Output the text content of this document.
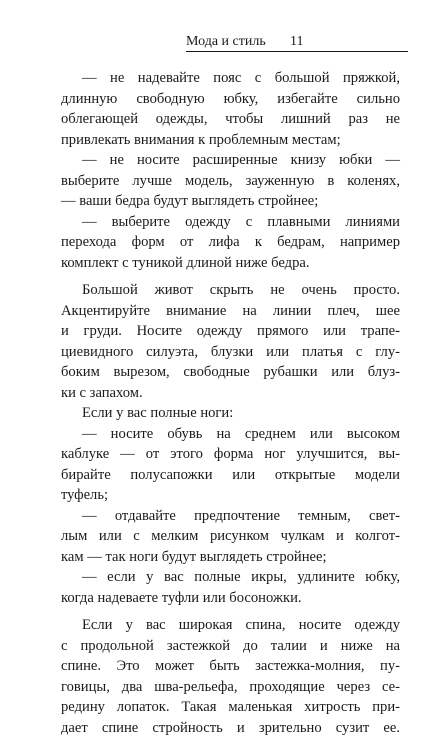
Мода и стиль 11
— не надевайте пояс с большой пряжкой,
длинную свободную юбку, избегайте сильно
облегающей одежды, чтобы лишний раз не
привлекать внимания к проблемным местам;
— не носите расширенные книзу юбки —
выберите лучше модель, зауженную в коленях,
— ваши бедра будут выглядеть стройнее;
— выберите одежду с плавными линиями
перехода форм от лифа к бедрам, например
комплект с туникой длиной ниже бедра.
Большой живот скрыть не очень просто.
Акцентируйте внимание на линии плеч, шее
и груди. Носите одежду прямого или трапе-
циевидного силуэта, блузки или платья с глу-
боким вырезом, свободные рубашки или блуз-
ки с запахом.
Если у вас полные ноги:
— носите обувь на среднем или высоком
каблуке — от этого форма ног улучшится, вы-
бирайте полусапожки или открытые модели
туфель;
— отдавайте предпочтение темным, свет-
лым или с мелким рисунком чулкам и колгот-
кам — так ноги будут выглядеть стройнее;
— если у вас полные икры, удлините юбку,
когда надеваете туфли или босоножки.
Если у вас широкая спина, носите одежду
с продольной застежкой до талии и ниже на
спине. Это может быть застежка-молния, пу-
говицы, два шва-рельефа, проходящие через се-
редину лопаток. Такая маленькая хитрость при-
дает спине стройность и зрительно сузит ее.
